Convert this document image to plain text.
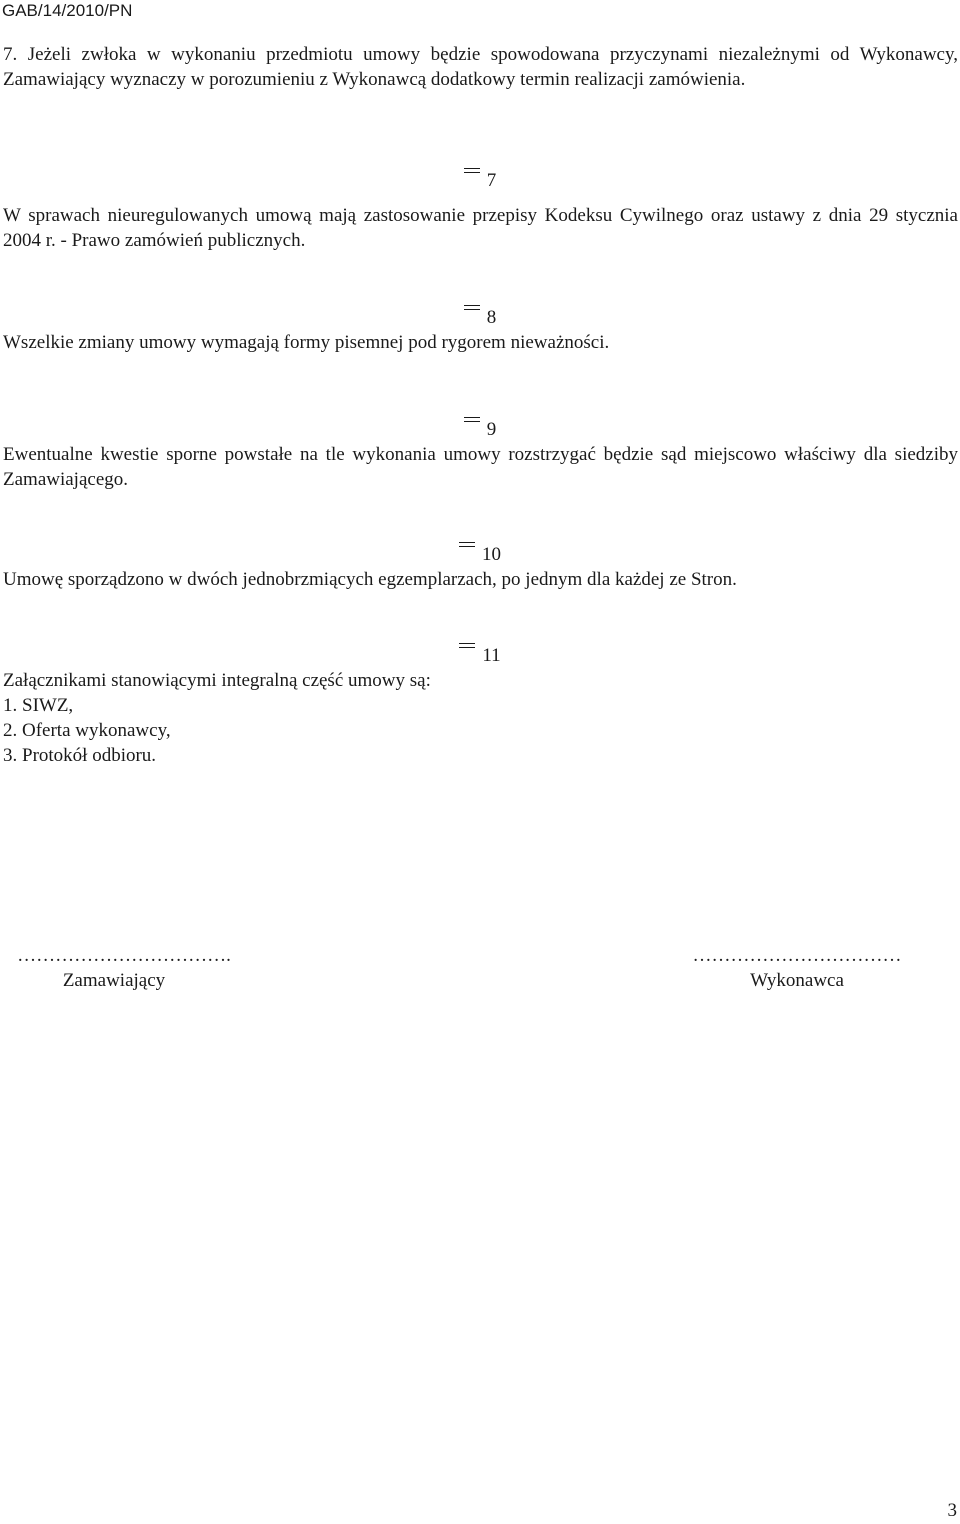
GAB/14/2010/PN

7. Jeżeli zwłoka w wykonaniu przedmiotu umowy będzie spowodowana przyczynami niezależnymi od Wykonawcy, Zamawiający wyznaczy w porozumieniu z Wykonawcą dodatkowy termin realizacji zamówienia.

7

W sprawach nieuregulowanych umową mają zastosowanie przepisy Kodeksu Cywilnego oraz ustawy z dnia 29 stycznia 2004 r. - Prawo zamówień publicznych.

8

Wszelkie zmiany umowy wymagają formy pisemnej pod rygorem nieważności.

9

Ewentualne kwestie sporne powstałe na tle wykonania umowy rozstrzygać będzie sąd miejscowo właściwy dla siedziby Zamawiającego.

10

Umowę sporządzono w dwóch jednobrzmiących egzemplarzach, po jednym dla każdej ze Stron.

11

Załącznikami stanowiącymi integralną część umowy są:
1. SIWZ,
2. Oferta wykonawcy,
3. Protokół odbioru.
…………………………….
Zamawiający
……………………………
Wykonawca
3
